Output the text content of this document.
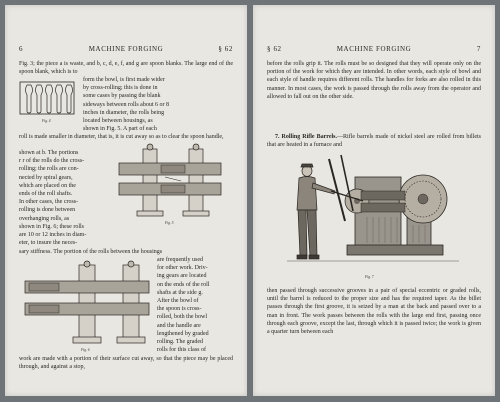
6	MACHINE FORGING	§ 62
Fig. 3; the piece a is waste, and b, c, d, e, f, and g are spoon blanks. The large end of the spoon blank, which is to
Fig. 4
form the bowl, is first made wider
by cross-rolling; this is done in
some cases by passing the blank
sideways between rolls about 6 or 8
inches in diameter, the rolls being
located between housings, as
shown in Fig. 5. A part of each
roll is made smaller in diameter, that is, it is cut away so as to clear the spoon handle,
shown at b. The portions
r r of the rolls do the cross-
rolling; the rolls are con-
nected by spiral gears,
which are placed on the
ends of the roll shafts.
In other cases, the cross-
rolling is done between
overhanging rolls, as
shown in Fig. 6; these rolls
are 10 or 12 inches in diam-
eter, to insure the neces-
Fig. 5
sary stiffness. The portion of the rolls between the housings
Fig. 6
are frequently used
for other work. Driv-
ing gears are located
on the ends of the roll
shafts at the side g.
After the bowl of
the spoon is cross-
rolled, both the bowl
and the handle are
lengthened by graded
rolling. The graded
rolls for this class of
work are made with a portion of their surface cut away, so that the piece may be placed through, and against a stop,
§ 62	MACHINE FORGING	7
before the rolls grip it. The rolls must be so designed that they will operate only on the portion of the work for which they are intended. In other words, each style of bowl and each style of handle requires different rolls. The handles for forks are also rolled in this manner. In most cases, the work is passed through the rolls away from the operator and allowed to fall out on the other side.
7. Rolling Rifle Barrels.—Rifle barrels made of nickel steel are rolled from billets that are heated in a furnace and
Fig. 7
then passed through successive grooves in a pair of special eccentric or graded rolls, until the barrel is reduced to the proper size and has the required taper. As the billet passes through the first groove, it is seized by a man at the back and passed over to a man in front. The work passes between the rolls with the large end first, passing once through each groove, except the last, through which it is passed twice; the work is given a quarter turn between each
